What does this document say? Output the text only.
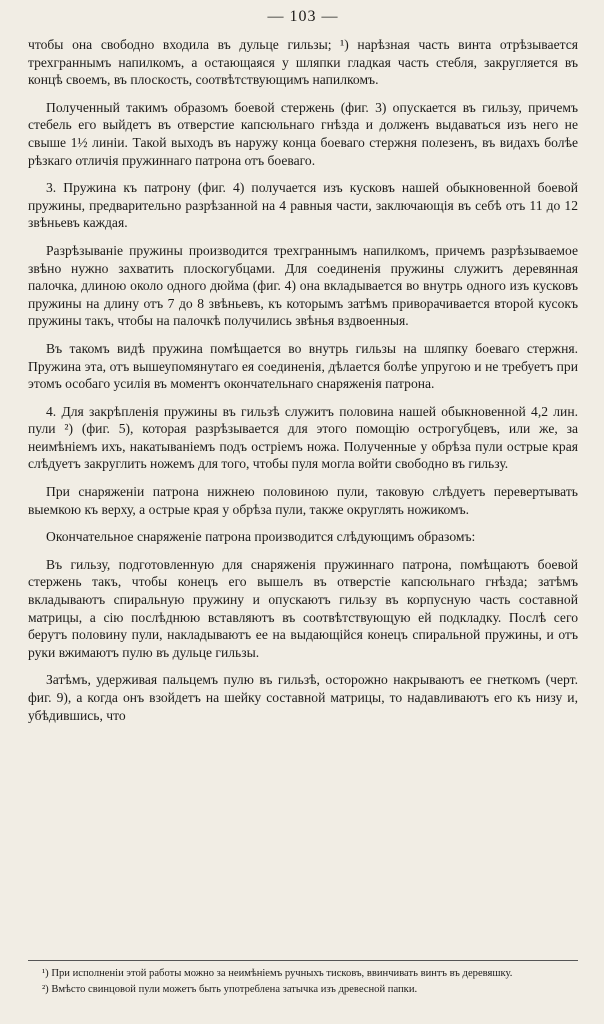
— 103 —

чтобы она свободно входила въ дульце гильзы; ¹) нарѣзная часть винта отрѣзывается трехграннымъ напилкомъ, а остающаяся у шляпки гладкая часть стебля, закругляется въ концѣ своемъ, въ плоскость, соотвѣтствующимъ напилкомъ.

Полученный такимъ образомъ боевой стержень (фиг. 3) опускается въ гильзу, причемъ стебель его выйдетъ въ отверстие капсюльнаго гнѣзда и долженъ выдаваться изъ него не свыше 1½ линіи. Такой выходъ въ наружу конца боеваго стержня полезенъ, въ видахъ болѣе рѣзкаго отличія пружиннаго патрона отъ боеваго.

3. Пружина къ патрону (фиг. 4) получается изъ кусковъ нашей обыкновенной боевой пружины, предварительно разрѣзанной на 4 равныя части, заключающія въ себѣ отъ 11 до 12 звѣньевъ каждая.

Разрѣзываніе пружины производится трехграннымъ напилкомъ, причемъ разрѣзываемое звѣно нужно захватить плоскогубцами. Для соединенія пружины служитъ деревянная палочка, длиною около одного дюйма (фиг. 4) она вкладывается во внутрь одного изъ кусковъ пружины на длину отъ 7 до 8 звѣньевъ, къ которымъ затѣмъ приворачивается второй кусокъ пружины такъ, чтобы на палочкѣ получились звѣнья вздвоенныя.

Въ такомъ видѣ пружина помѣщается во внутрь гильзы на шляпку боеваго стержня. Пружина эта, отъ вышеупомянутаго ея соединенія, дѣлается болѣе упругою и не требуетъ при этомъ особаго усилія въ моментъ окончательнаго снаряженія патрона.

4. Для закрѣпленія пружины въ гильзѣ служитъ половина нашей обыкновенной 4,2 лин. пули ²) (фиг. 5), которая разрѣзывается для этого помощію острогубцевъ, или же, за неимѣніемъ ихъ, накатываніемъ подъ остріемъ ножа. Полученные у обрѣза пули острые края слѣдуетъ закруглить ножемъ для того, чтобы пуля могла войти свободно въ гильзу.

При снаряженіи патрона нижнею половиною пули, таковую слѣдуетъ перевертывать выемкою къ верху, а острые края у обрѣза пули, также округлять ножикомъ.

Окончательное снаряженіе патрона производится слѣдующимъ образомъ:

Въ гильзу, подготовленную для снаряженія пружиннаго патрона, помѣщаютъ боевой стержень такъ, чтобы конецъ его вышелъ въ отверстіе капсюльнаго гнѣзда; затѣмъ вкладываютъ спиральную пружину и опускаютъ гильзу въ корпусную часть составной матрицы, а сію послѣднюю вставляютъ въ соотвѣтствующую ей подкладку. Послѣ сего берутъ половину пули, накладываютъ ее на выдающійся конецъ спиральной пружины, и отъ руки вжимаютъ пулю въ дульце гильзы.

Затѣмъ, удерживая пальцемъ пулю въ гильзѣ, осторожно накрываютъ ее гнеткомъ (черт. фиг. 9), а когда онъ взойдетъ на шейку составной матрицы, то надавливаютъ его къ низу и, убѣдившись, что

¹) При исполненіи этой работы можно за неимѣніемъ ручныхъ тисковъ, ввинчивать винтъ въ деревяшку.

²) Вмѣсто свинцовой пули можетъ быть употреблена затычка изъ древесной папки.
